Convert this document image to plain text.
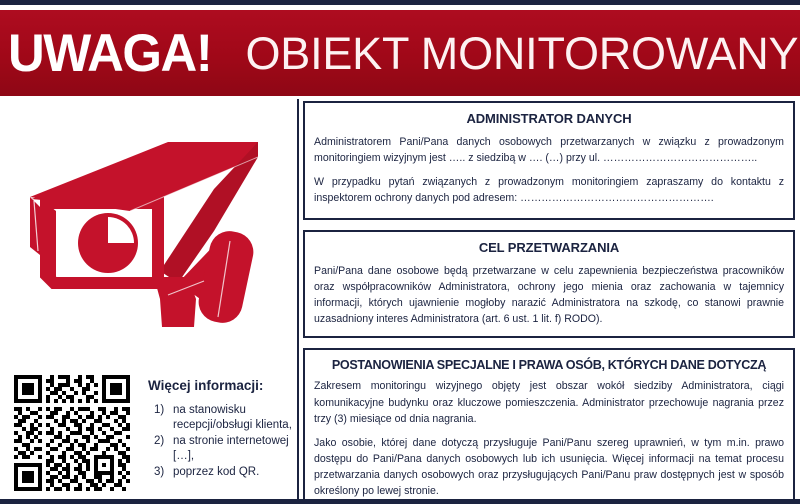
UWAGA! OBIEKT MONITOROWANY
Więcej informacji:
1) na stanowisku recepcji/obsługi klienta,
2) na stronie internetowej […],
3) poprzez kod QR.
ADMINISTRATOR DANYCH

Administratorem Pani/Pana danych osobowych przetwarzanych w związku z prowadzonym monitoringiem wizyjnym jest ….. z siedzibą w …. (…) przy ul. ……………………………………..

W przypadku pytań związanych z prowadzonym monitoringiem zapraszamy do kontaktu z inspektorem ochrony danych pod adresem: ……………………………………………….

CEL PRZETWARZANIA

Pani/Pana dane osobowe będą przetwarzane w celu zapewnienia bezpieczeństwa pracowników oraz współpracowników Administratora, ochrony jego mienia oraz zachowania w tajemnicy informacji, których ujawnienie mogłoby narazić Administratora na szkodę, co stanowi prawnie uzasadniony interes Administratora (art. 6 ust. 1 lit. f) RODO).

POSTANOWIENIA SPECJALNE I PRAWA OSÓB, KTÓRYCH DANE DOTYCZĄ

Zakresem monitoringu wizyjnego objęty jest obszar wokół siedziby Administratora, ciągi komunikacyjne budynku oraz kluczowe pomieszczenia. Administrator przechowuje nagrania przez trzy (3) miesiące od dnia nagrania.

Jako osobie, której dane dotyczą przysługuje Pani/Panu szereg uprawnień, w tym m.in. prawo dostępu do Pani/Pana danych osobowych lub ich usunięcia. Więcej informacji na temat procesu przetwarzania danych osobowych oraz przysługujących Pani/Panu praw dostępnych jest w sposób określony po lewej stronie.
